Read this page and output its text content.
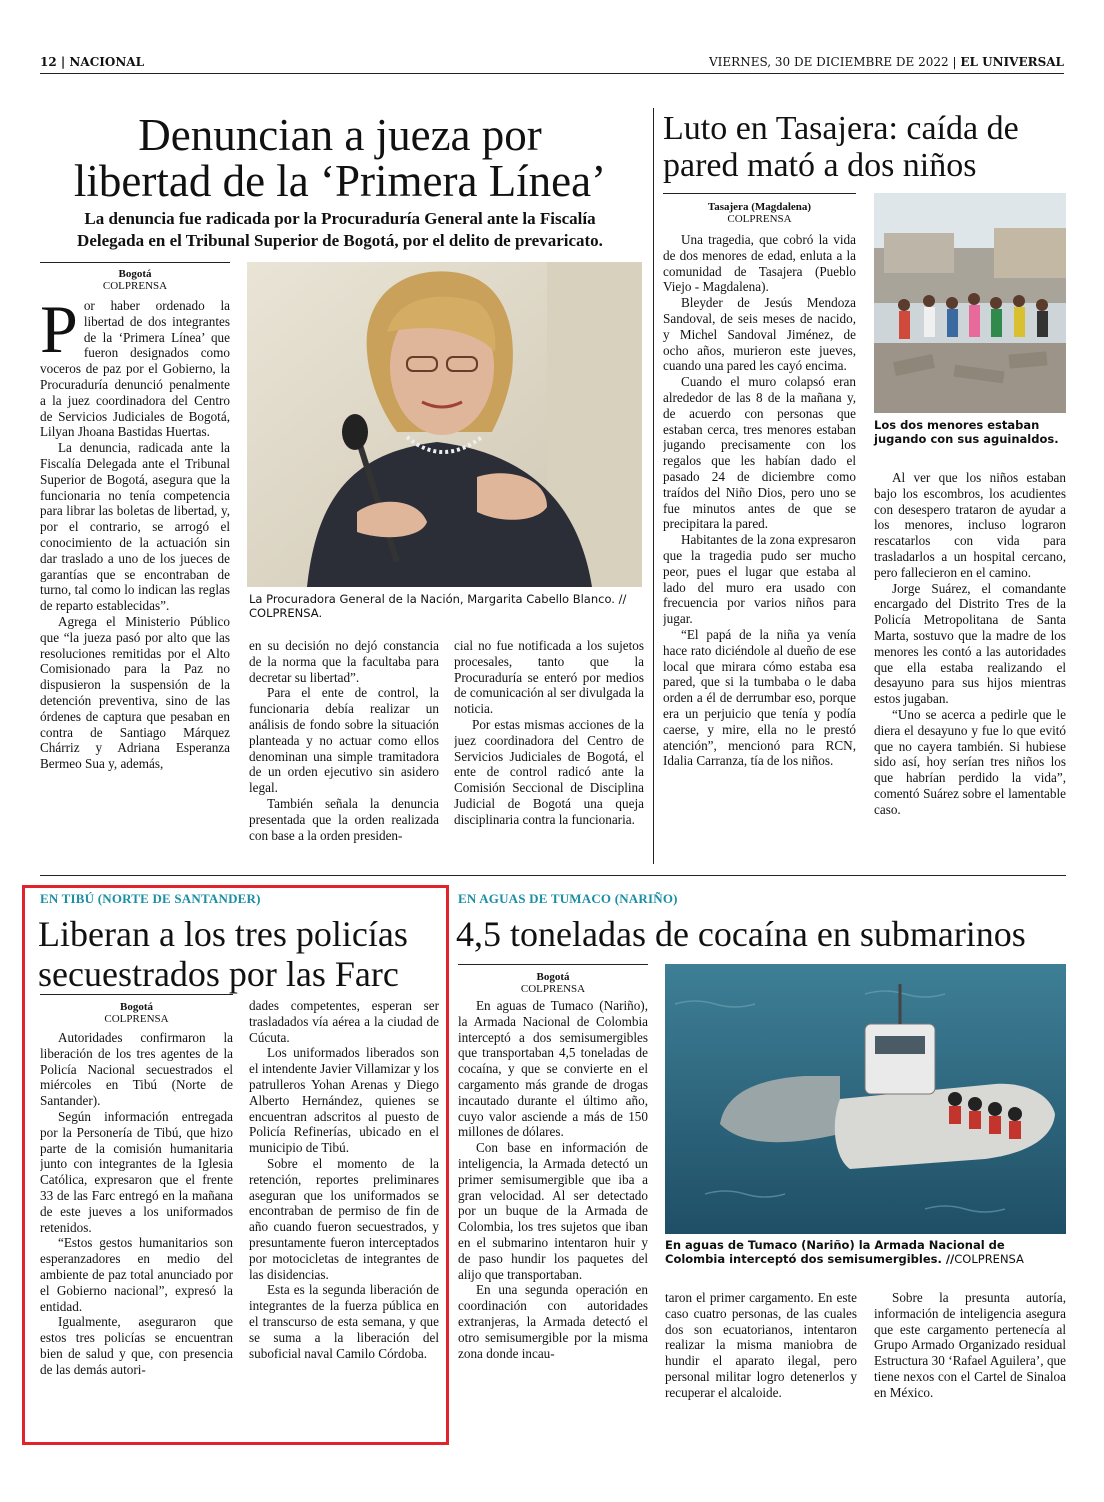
12 | NACIONAL	VIERNES, 30 DE DICIEMBRE DE 2022 | EL UNIVERSAL
Denuncian a jueza por
libertad de la ‘Primera Línea’
La denuncia fue radicada por la Procuraduría General ante la Fiscalía
Delegada en el Tribunal Superior de Bogotá, por el delito de prevaricato.
Bogotá
COLPRENSA

Por haber ordenado la libertad de dos integrantes de la ‘Primera Línea’ que fueron designados como voceros de paz por el Gobierno, la Procuraduría denunció penalmente a la juez coordinadora del Centro de Servicios Judiciales de Bogotá, Lilyan Jhoana Bastidas Huertas.

La denuncia, radicada ante la Fiscalía Delegada ante el Tribunal Superior de Bogotá, asegura que la funcionaria no tenía competencia para librar las boletas de libertad, y, por el contrario, se arrogó el conocimiento de la actuación sin dar traslado a uno de los jueces de garantías que se encontraban de turno, tal como lo indican las reglas de reparto establecidas”.

Agrega el Ministerio Público que “la jueza pasó por alto que las resoluciones remitidas por el Alto Comisionado para la Paz no dispusieron la suspensión de la detención preventiva, sino de las órdenes de captura que pesaban en contra de Santiago Márquez Chárriz y Adriana Esperanza Bermeo Sua y, además,

La Procuradora General de la Nación, Margarita Cabello Blanco. //
COLPRENSA.

en su decisión no dejó constancia de la norma que la facultaba para decretar su libertad”.

Para el ente de control, la funcionaria debía realizar un análisis de fondo sobre la situación planteada y no actuar como ellos denominan una simple tramitadora de un orden ejecutivo sin asidero legal.

También señala la denuncia presentada que la orden realizada con base a la orden presiden-

cial no fue notificada a los sujetos procesales, tanto que la Procuraduría se enteró por medios de comunicación al ser divulgada la noticia.

Por estas mismas acciones de la juez coordinadora del Centro de Servicios Judiciales de Bogotá, el ente de control radicó ante la Comisión Seccional de Disciplina Judicial de Bogotá una queja disciplinaria contra la funcionaria.

Luto en Tasajera: caída de
pared mató a dos niños
Tasajera (Magdalena)
COLPRENSA

Una tragedia, que cobró la vida de dos menores de edad, enluta a la comunidad de Tasajera (Pueblo Viejo - Magdalena).

Bleyder de Jesús Mendoza Sandoval, de seis meses de nacido, y Michel Sandoval Jiménez, de ocho años, murieron este jueves, cuando una pared les cayó encima.

Cuando el muro colapsó eran alrededor de las 8 de la mañana y, de acuerdo con personas que estaban cerca, tres menores estaban jugando precisamente con los regalos que les habían dado el pasado 24 de diciembre como traídos del Niño Dios, pero uno se fue minutos antes de que se precipitara la pared.

Habitantes de la zona expresaron que la tragedia pudo ser mucho peor, pues el lugar que estaba al lado del muro era usado con frecuencia por varios niños para jugar.

“El papá de la niña ya venía hace rato diciéndole al dueño de ese local que mirara cómo estaba esa pared, que si la tumbaba o le daba orden a él de derrumbar eso, porque era un perjuicio que tenía y podía caerse, y mire, ella no le prestó atención”, mencionó para RCN, Idalia Carranza, tía de los niños.

Los dos menores estaban jugando con sus aguinaldos.

Al ver que los niños estaban bajo los escombros, los acudientes con desespero trataron de ayudar a los menores, incluso lograron rescatarlos con vida para trasladarlos a un hospital cercano, pero fallecieron en el camino.

Jorge Suárez, el comandante encargado del Distrito Tres de la Policía Metropolitana de Santa Marta, sostuvo que la madre de los menores les contó a las autoridades que ella estaba realizando el desayuno para sus hijos mientras estos jugaban.

“Uno se acerca a pedirle que le diera el desayuno y fue lo que evitó que no cayera también. Si hubiese sido así, hoy serían tres niños los que habrían perdido la vida”, comentó Suárez sobre el lamentable caso.

EN TIBÚ (NORTE DE SANTANDER)
Liberan a los tres policías
secuestrados por las Farc
Bogotá
COLPRENSA

Autoridades confirmaron la liberación de los tres agentes de la Policía Nacional secuestrados el miércoles en Tibú (Norte de Santander).

Según información entregada por la Personería de Tibú, que hizo parte de la comisión humanitaria junto con integrantes de la Iglesia Católica, expresaron que el frente 33 de las Farc entregó en la mañana de este jueves a los uniformados retenidos.

“Estos gestos humanitarios son esperanzadores en medio del ambiente de paz total anunciado por el Gobierno nacional”, expresó la entidad.

Igualmente, aseguraron que estos tres policías se encuentran bien de salud y que, con presencia de las demás autori-

dades competentes, esperan ser trasladados vía aérea a la ciudad de Cúcuta.

Los uniformados liberados son el intendente Javier Villamizar y los patrulleros Yohan Arenas y Diego Alberto Hernández, quienes se encuentran adscritos al puesto de Policía Refinerías, ubicado en el municipio de Tibú.

Sobre el momento de la retención, reportes preliminares aseguran que los uniformados se encontraban de permiso de fin de año cuando fueron secuestrados, y presuntamente fueron interceptados por motocicletas de integrantes de las disidencias.

Esta es la segunda liberación de integrantes de la fuerza pública en el transcurso de esta semana, y que se suma a la liberación del suboficial naval Camilo Córdoba.

EN AGUAS DE TUMACO (NARIÑO)
4,5 toneladas de cocaína en submarinos
Bogotá
COLPRENSA

En aguas de Tumaco (Nariño), la Armada Nacional de Colombia interceptó a dos semisumergibles que transportaban 4,5 toneladas de cocaína, y que se convierte en el cargamento más grande de drogas incautado durante el último año, cuyo valor asciende a más de 150 millones de dólares.

Con base en información de inteligencia, la Armada detectó un primer semisumergible que iba a gran velocidad. Al ser detectado por un buque de la Armada de Colombia, los tres sujetos que iban en el submarino intentaron huir y de paso hundir los paquetes del alijo que transportaban.

En una segunda operación en coordinación con autoridades extranjeras, la Armada detectó el otro semisumergible por la misma zona donde incau-

En aguas de Tumaco (Nariño) la Armada Nacional de Colombia interceptó dos semisumergibles. //COLPRENSA

taron el primer cargamento. En este caso cuatro personas, de las cuales dos son ecuatorianos, intentaron realizar la misma maniobra de hundir el aparato ilegal, pero personal militar logro detenerlos y recuperar el alcaloide.

Sobre la presunta autoría, información de inteligencia asegura que este cargamento pertenecía al Grupo Armado Organizado residual Estructura 30 ‘Rafael Aguilera’, que tiene nexos con el Cartel de Sinaloa en México.
